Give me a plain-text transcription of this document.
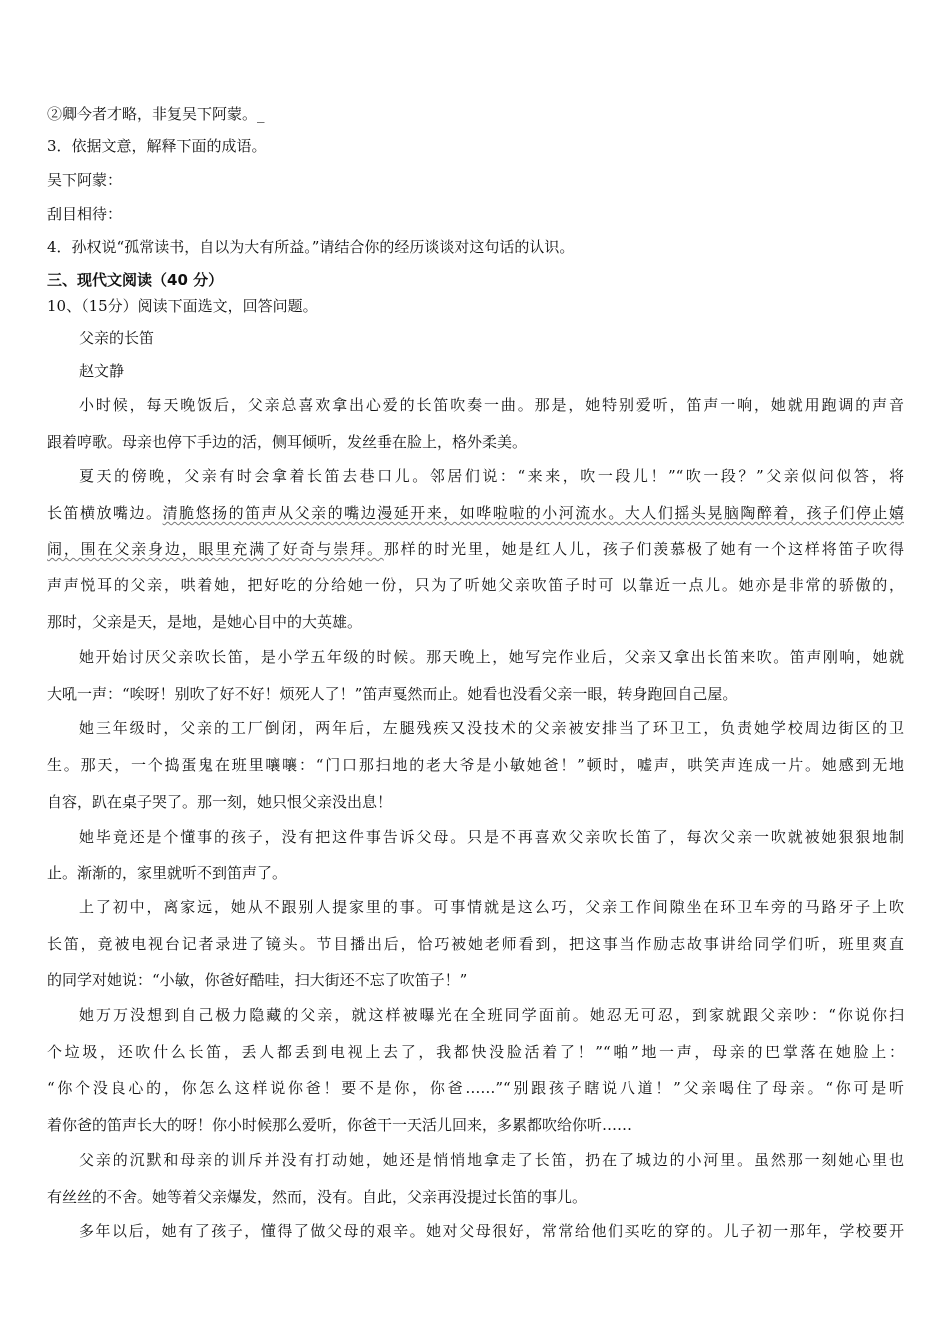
②卿今者才略，非复吴下阿蒙。_

3．依据文意，解释下面的成语。

吴下阿蒙：

刮目相待：

4．孙权说“孤常读书，自以为大有所益。”请结合你的经历谈谈对这句话的认识。

三、现代文阅读（40 分）

10、（15分）阅读下面选文，回答问题。

父亲的长笛

赵文静

小时候，每天晚饭后，父亲总喜欢拿出心爱的长笛吹奏一曲。那是，她特别爱听，笛声一响，她就用跑调的声音

跟着哼歌。母亲也停下手边的活，侧耳倾听，发丝垂在脸上，格外柔美。

夏天的傍晚，父亲有时会拿着长笛去巷口儿。邻居们说：“来来，吹一段儿！”“吹一段？”父亲似问似答，将

长笛横放嘴边。清脆悠扬的笛声从父亲的嘴边漫延开来，如哗啦啦的小河流水。大人们摇头晃脑陶醉着，孩子们停止嬉

闹，围在父亲身边，眼里充满了好奇与崇拜。那样的时光里，她是红人儿，孩子们羡慕极了她有一个这样将笛子吹得

声声悦耳的父亲，哄着她，把好吃的分给她一份，只为了听她父亲吹笛子时可 以靠近一点儿。她亦是非常的骄傲的，

那时，父亲是天，是地，是她心目中的大英雄。

她开始讨厌父亲吹长笛，是小学五年级的时候。那天晚上，她写完作业后，父亲又拿出长笛来吹。笛声刚响，她就

大吼一声：“唉呀！别吹了好不好！烦死人了！”笛声戛然而止。她看也没看父亲一眼，转身跑回自己屋。

她三年级时，父亲的工厂倒闭，两年后，左腿残疾又没技术的父亲被安排当了环卫工，负责她学校周边街区的卫

生。那天，一个捣蛋鬼在班里嚷嚷：“门口那扫地的老大爷是小敏她爸！”顿时，嘘声，哄笑声连成一片。她感到无地

自容，趴在桌子哭了。那一刻，她只恨父亲没出息！

她毕竟还是个懂事的孩子，没有把这件事告诉父母。只是不再喜欢父亲吹长笛了，每次父亲一吹就被她狠狠地制

止。渐渐的，家里就听不到笛声了。

上了初中，离家远，她从不跟别人提家里的事。可事情就是这么巧，父亲工作间隙坐在环卫车旁的马路牙子上吹

长笛，竟被电视台记者录进了镜头。节目播出后，恰巧被她老师看到，把这事当作励志故事讲给同学们听，班里爽直

的同学对她说：“小敏，你爸好酷哇，扫大街还不忘了吹笛子！”

她万万没想到自己极力隐藏的父亲，就这样被曝光在全班同学面前。她忍无可忍，到家就跟父亲吵：“你说你扫

个垃圾，还吹什么长笛，丢人都丢到电视上去了，我都快没脸活着了！”“啪”地一声，母亲的巴掌落在她脸上：

“你个没良心的，你怎么这样说你爸！要不是你，你爸……”“别跟孩子瞎说八道！”父亲喝住了母亲。“你可是听

着你爸的笛声长大的呀！你小时候那么爱听，你爸干一天活儿回来，多累都吹给你听……

父亲的沉默和母亲的训斥并没有打动她，她还是悄悄地拿走了长笛，扔在了城边的小河里。虽然那一刻她心里也

有丝丝的不舍。她等着父亲爆发，然而，没有。自此，父亲再没提过长笛的事儿。

多年以后，她有了孩子，懂得了做父母的艰辛。她对父母很好，常常给他们买吃的穿的。儿子初一那年，学校要开
